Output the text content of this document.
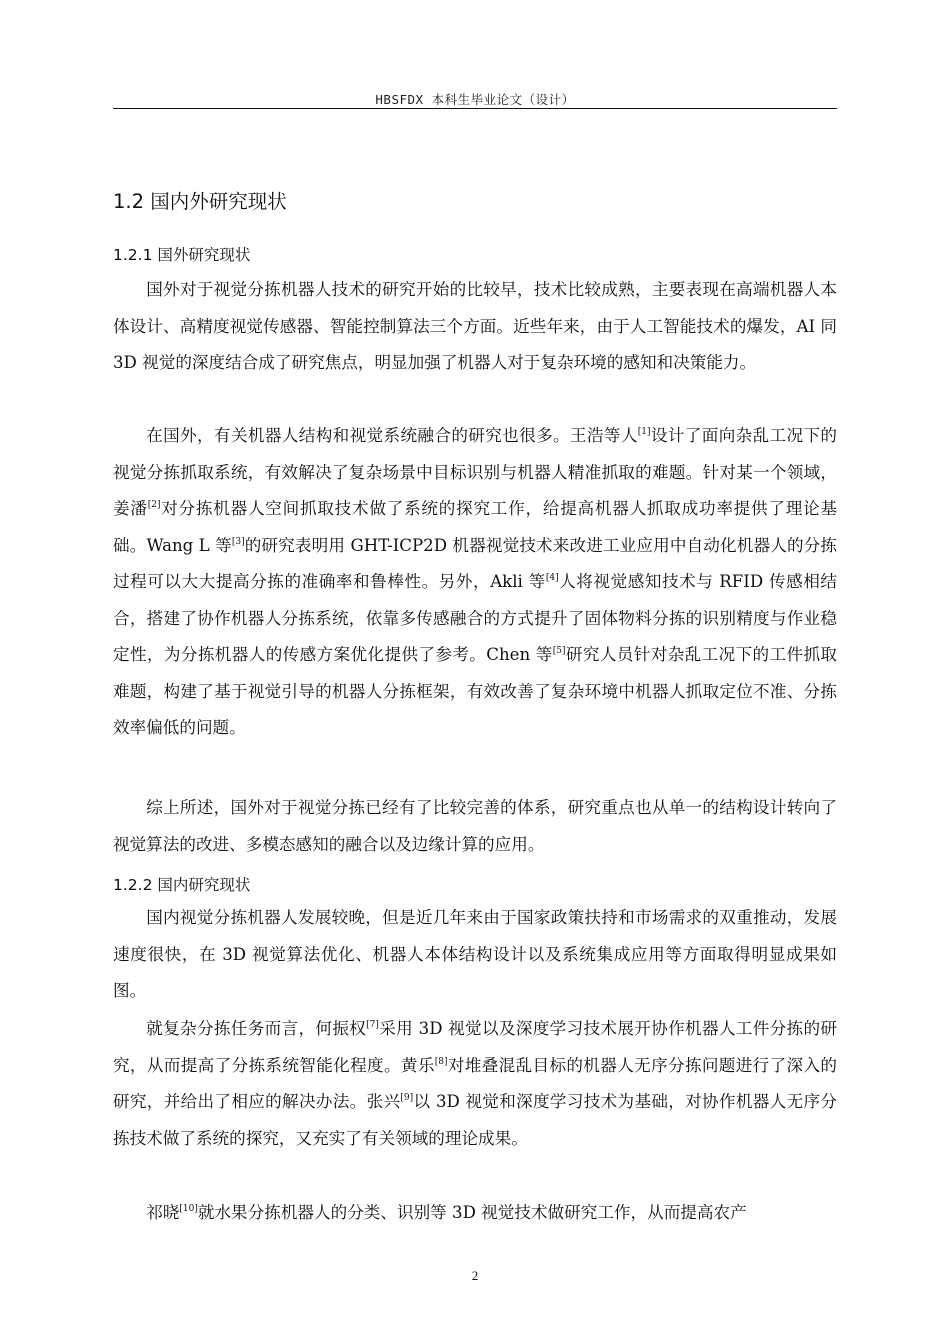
HBSFDX 本科生毕业论文（设计）
1.2 国内外研究现状
1.2.1 国外研究现状

国外对于视觉分拣机器人技术的研究开始的比较早，技术比较成熟，主要表现在高端机器人本体设计、高精度视觉传感器、智能控制算法三个方面。近些年来，由于人工智能技术的爆发，AI 同 3D 视觉的深度结合成了研究焦点，明显加强了机器人对于复杂环境的感知和决策能力。

在国外，有关机器人结构和视觉系统融合的研究也很多。王浩等人[1]设计了面向杂乱工况下的视觉分拣抓取系统，有效解决了复杂场景中目标识别与机器人精准抓取的难题。针对某一个领域，姜潘[2]对分拣机器人空间抓取技术做了系统的探究工作，给提高机器人抓取成功率提供了理论基础。Wang L 等[3]的研究表明用 GHT-ICP2D 机器视觉技术来改进工业应用中自动化机器人的分拣过程可以大大提高分拣的准确率和鲁棒性。另外，Akli 等[4]人将视觉感知技术与 RFID 传感相结合，搭建了协作机器人分拣系统，依靠多传感融合的方式提升了固体物料分拣的识别精度与作业稳定性，为分拣机器人的传感方案优化提供了参考。Chen 等[5]研究人员针对杂乱工况下的工件抓取难题，构建了基于视觉引导的机器人分拣框架，有效改善了复杂环境中机器人抓取定位不准、分拣效率偏低的问题。

综上所述，国外对于视觉分拣已经有了比较完善的体系，研究重点也从单一的结构设计转向了视觉算法的改进、多模态感知的融合以及边缘计算的应用。

1.2.2 国内研究现状

国内视觉分拣机器人发展较晚，但是近几年来由于国家政策扶持和市场需求的双重推动，发展速度很快，在 3D 视觉算法优化、机器人本体结构设计以及系统集成应用等方面取得明显成果如图。

就复杂分拣任务而言，何振权[7]采用 3D 视觉以及深度学习技术展开协作机器人工件分拣的研究，从而提高了分拣系统智能化程度。黄乐[8]对堆叠混乱目标的机器人无序分拣问题进行了深入的研究，并给出了相应的解决办法。张兴[9]以 3D 视觉和深度学习技术为基础，对协作机器人无序分拣技术做了系统的探究，又充实了有关领域的理论成果。

祁晓[10]就水果分拣机器人的分类、识别等 3D 视觉技术做研究工作，从而提高农产

2
